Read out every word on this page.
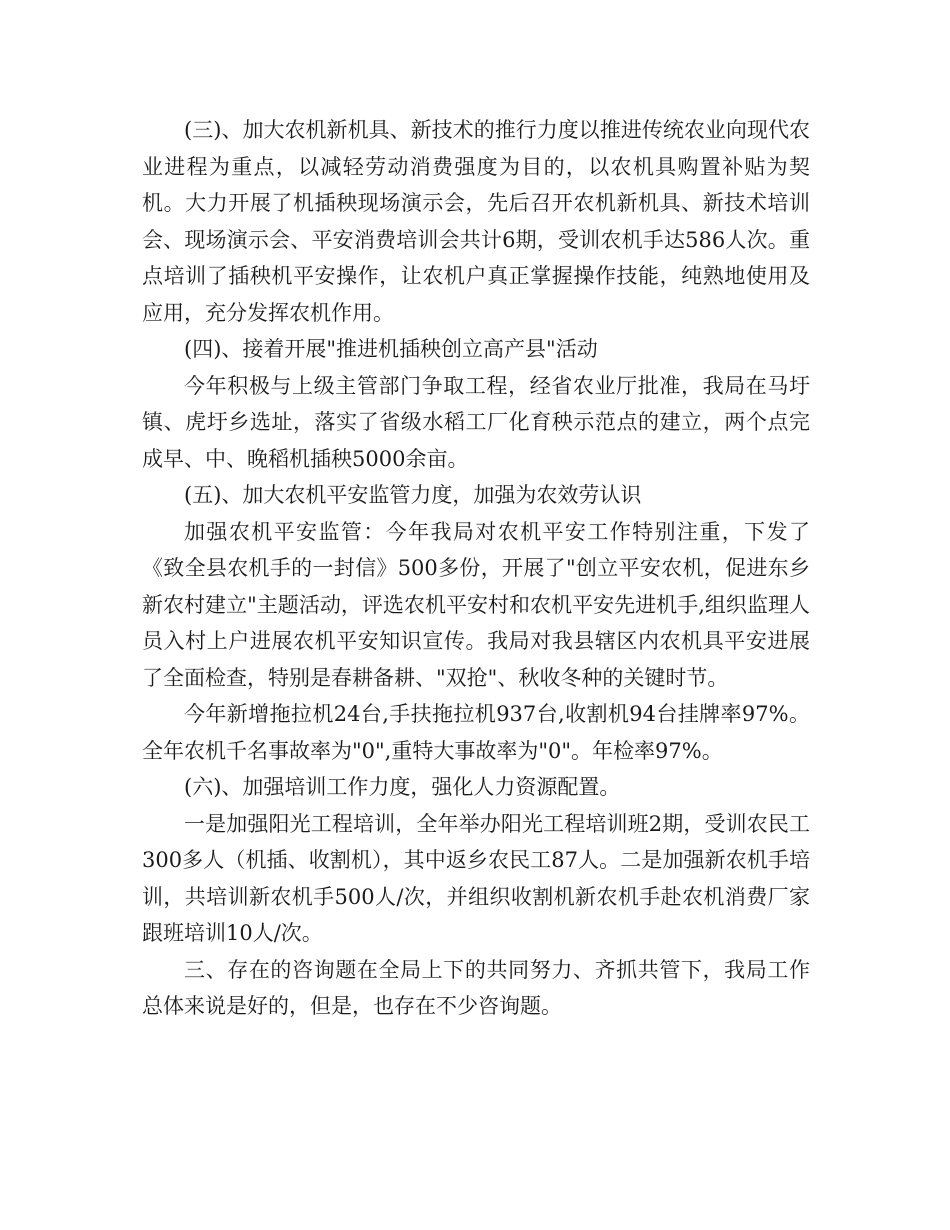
(三)、加大农机新机具、新技术的推行力度以推进传统农业向现代农业进程为重点，以减轻劳动消费强度为目的，以农机具购置补贴为契机。大力开展了机插秧现场演示会，先后召开农机新机具、新技术培训会、现场演示会、平安消费培训会共计6期，受训农机手达586人次。重点培训了插秧机平安操作，让农机户真正掌握操作技能，纯熟地使用及应用，充分发挥农机作用。

(四)、接着开展"推进机插秧创立高产县"活动

今年积极与上级主管部门争取工程，经省农业厅批准，我局在马圩镇、虎圩乡选址，落实了省级水稻工厂化育秧示范点的建立，两个点完成早、中、晚稻机插秧5000余亩。

(五)、加大农机平安监管力度，加强为农效劳认识

加强农机平安监管：今年我局对农机平安工作特别注重，下发了《致全县农机手的一封信》500多份，开展了"创立平安农机，促进东乡新农村建立"主题活动，评选农机平安村和农机平安先进机手,组织监理人员入村上户进展农机平安知识宣传。我局对我县辖区内农机具平安进展了全面检查，特别是春耕备耕、"双抢"、秋收冬种的关键时节。

今年新增拖拉机24台,手扶拖拉机937台,收割机94台挂牌率97%。全年农机千名事故率为"0",重特大事故率为"0"。年检率97%。

(六)、加强培训工作力度，强化人力资源配置。

一是加强阳光工程培训，全年举办阳光工程培训班2期，受训农民工300多人（机插、收割机），其中返乡农民工87人。二是加强新农机手培训，共培训新农机手500人/次，并组织收割机新农机手赴农机消费厂家跟班培训10人/次。

三、存在的咨询题在全局上下的共同努力、齐抓共管下，我局工作总体来说是好的，但是，也存在不少咨询题。
